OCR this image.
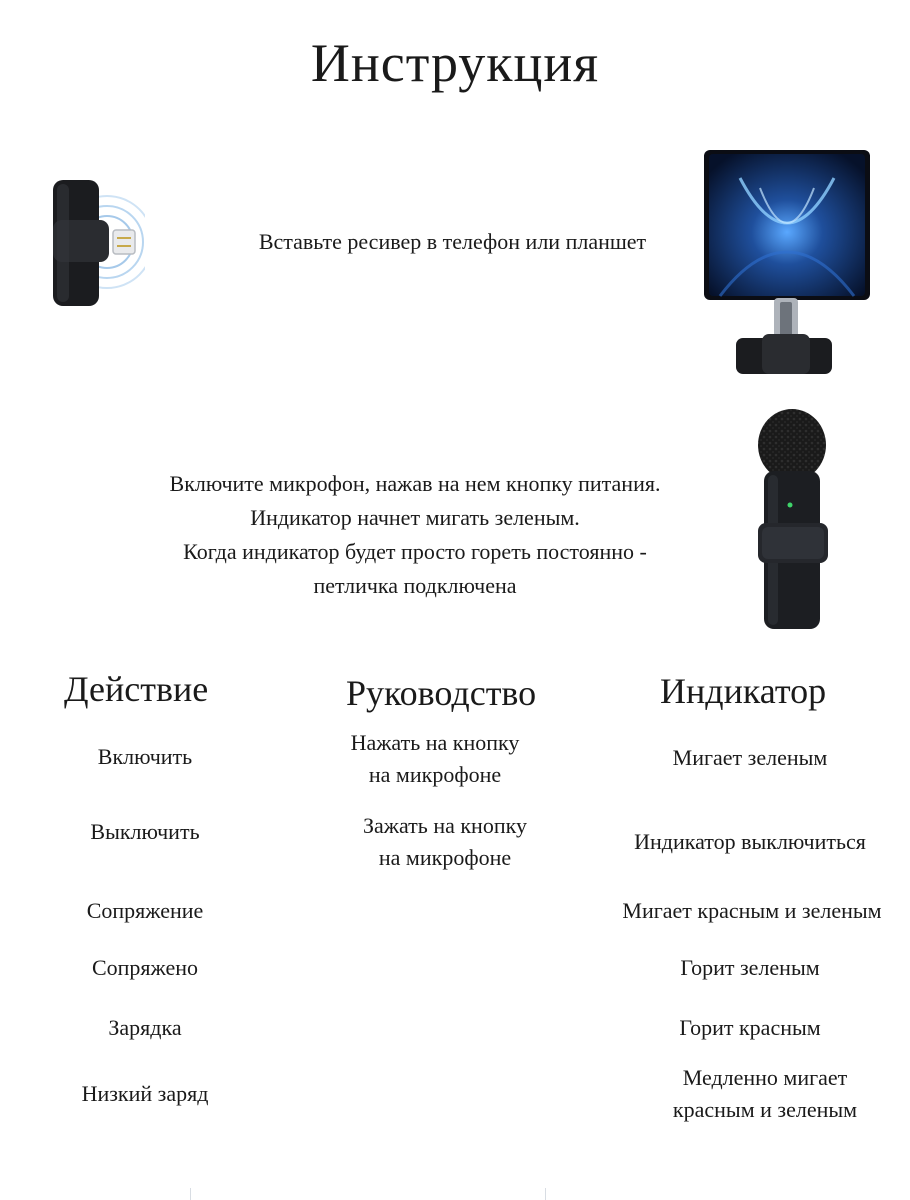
Инструкция
Вставьте ресивер в телефон или планшет
Включите микрофон, нажав на нем кнопку питания.
Индикатор начнет мигать зеленым.
Когда индикатор будет просто гореть постоянно -
петличка подключена
Действие	Руководство	Индикатор
Включить
Выключить
Сопряжение
Сопряжено
Зарядка
Низкий заряд
Нажать на кнопку
на микрофоне
Зажать на кнопку
на микрофоне
Мигает зеленым
Индикатор выключиться
Мигает красным и зеленым
Горит зеленым
Горит красным
Медленно мигает
красным и зеленым
